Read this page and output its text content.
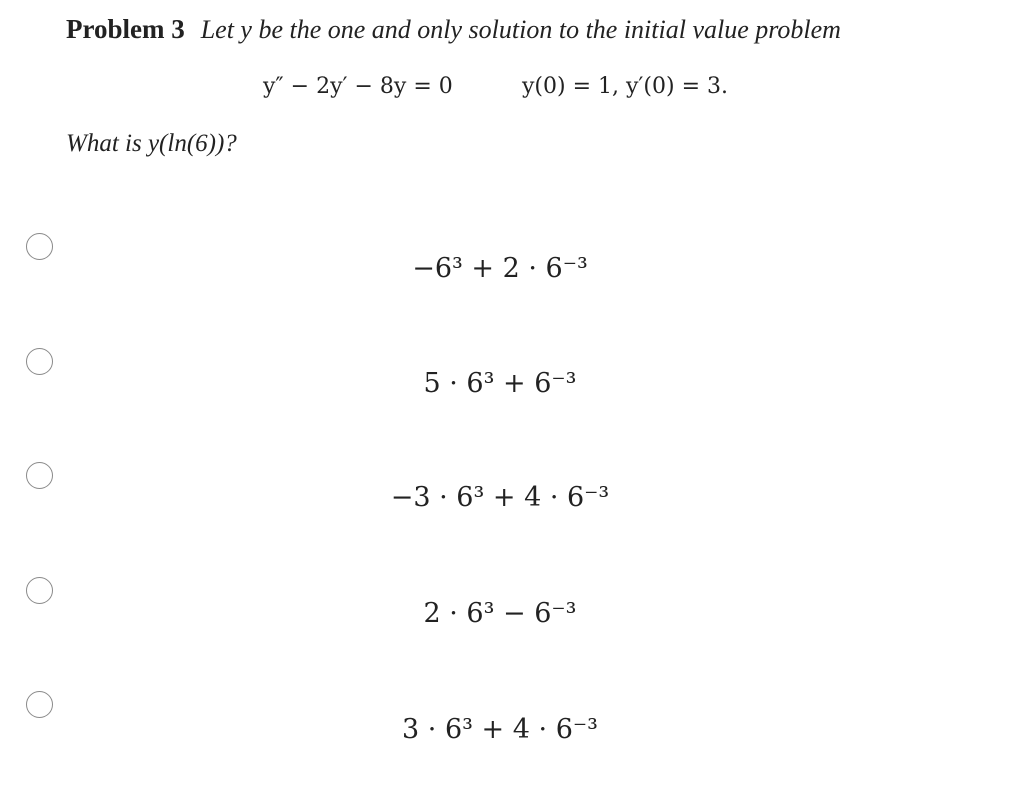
Problem 3 Let y be the one and only solution to the initial value problem
y″ − 2y′ − 8y = 0	y(0) = 1, y′(0) = 3.
What is y(ln(6))?
−6³ + 2 · 6⁻³
5 · 6³ + 6⁻³
−3 · 6³ + 4 · 6⁻³
2 · 6³ − 6⁻³
3 · 6³ + 4 · 6⁻³
